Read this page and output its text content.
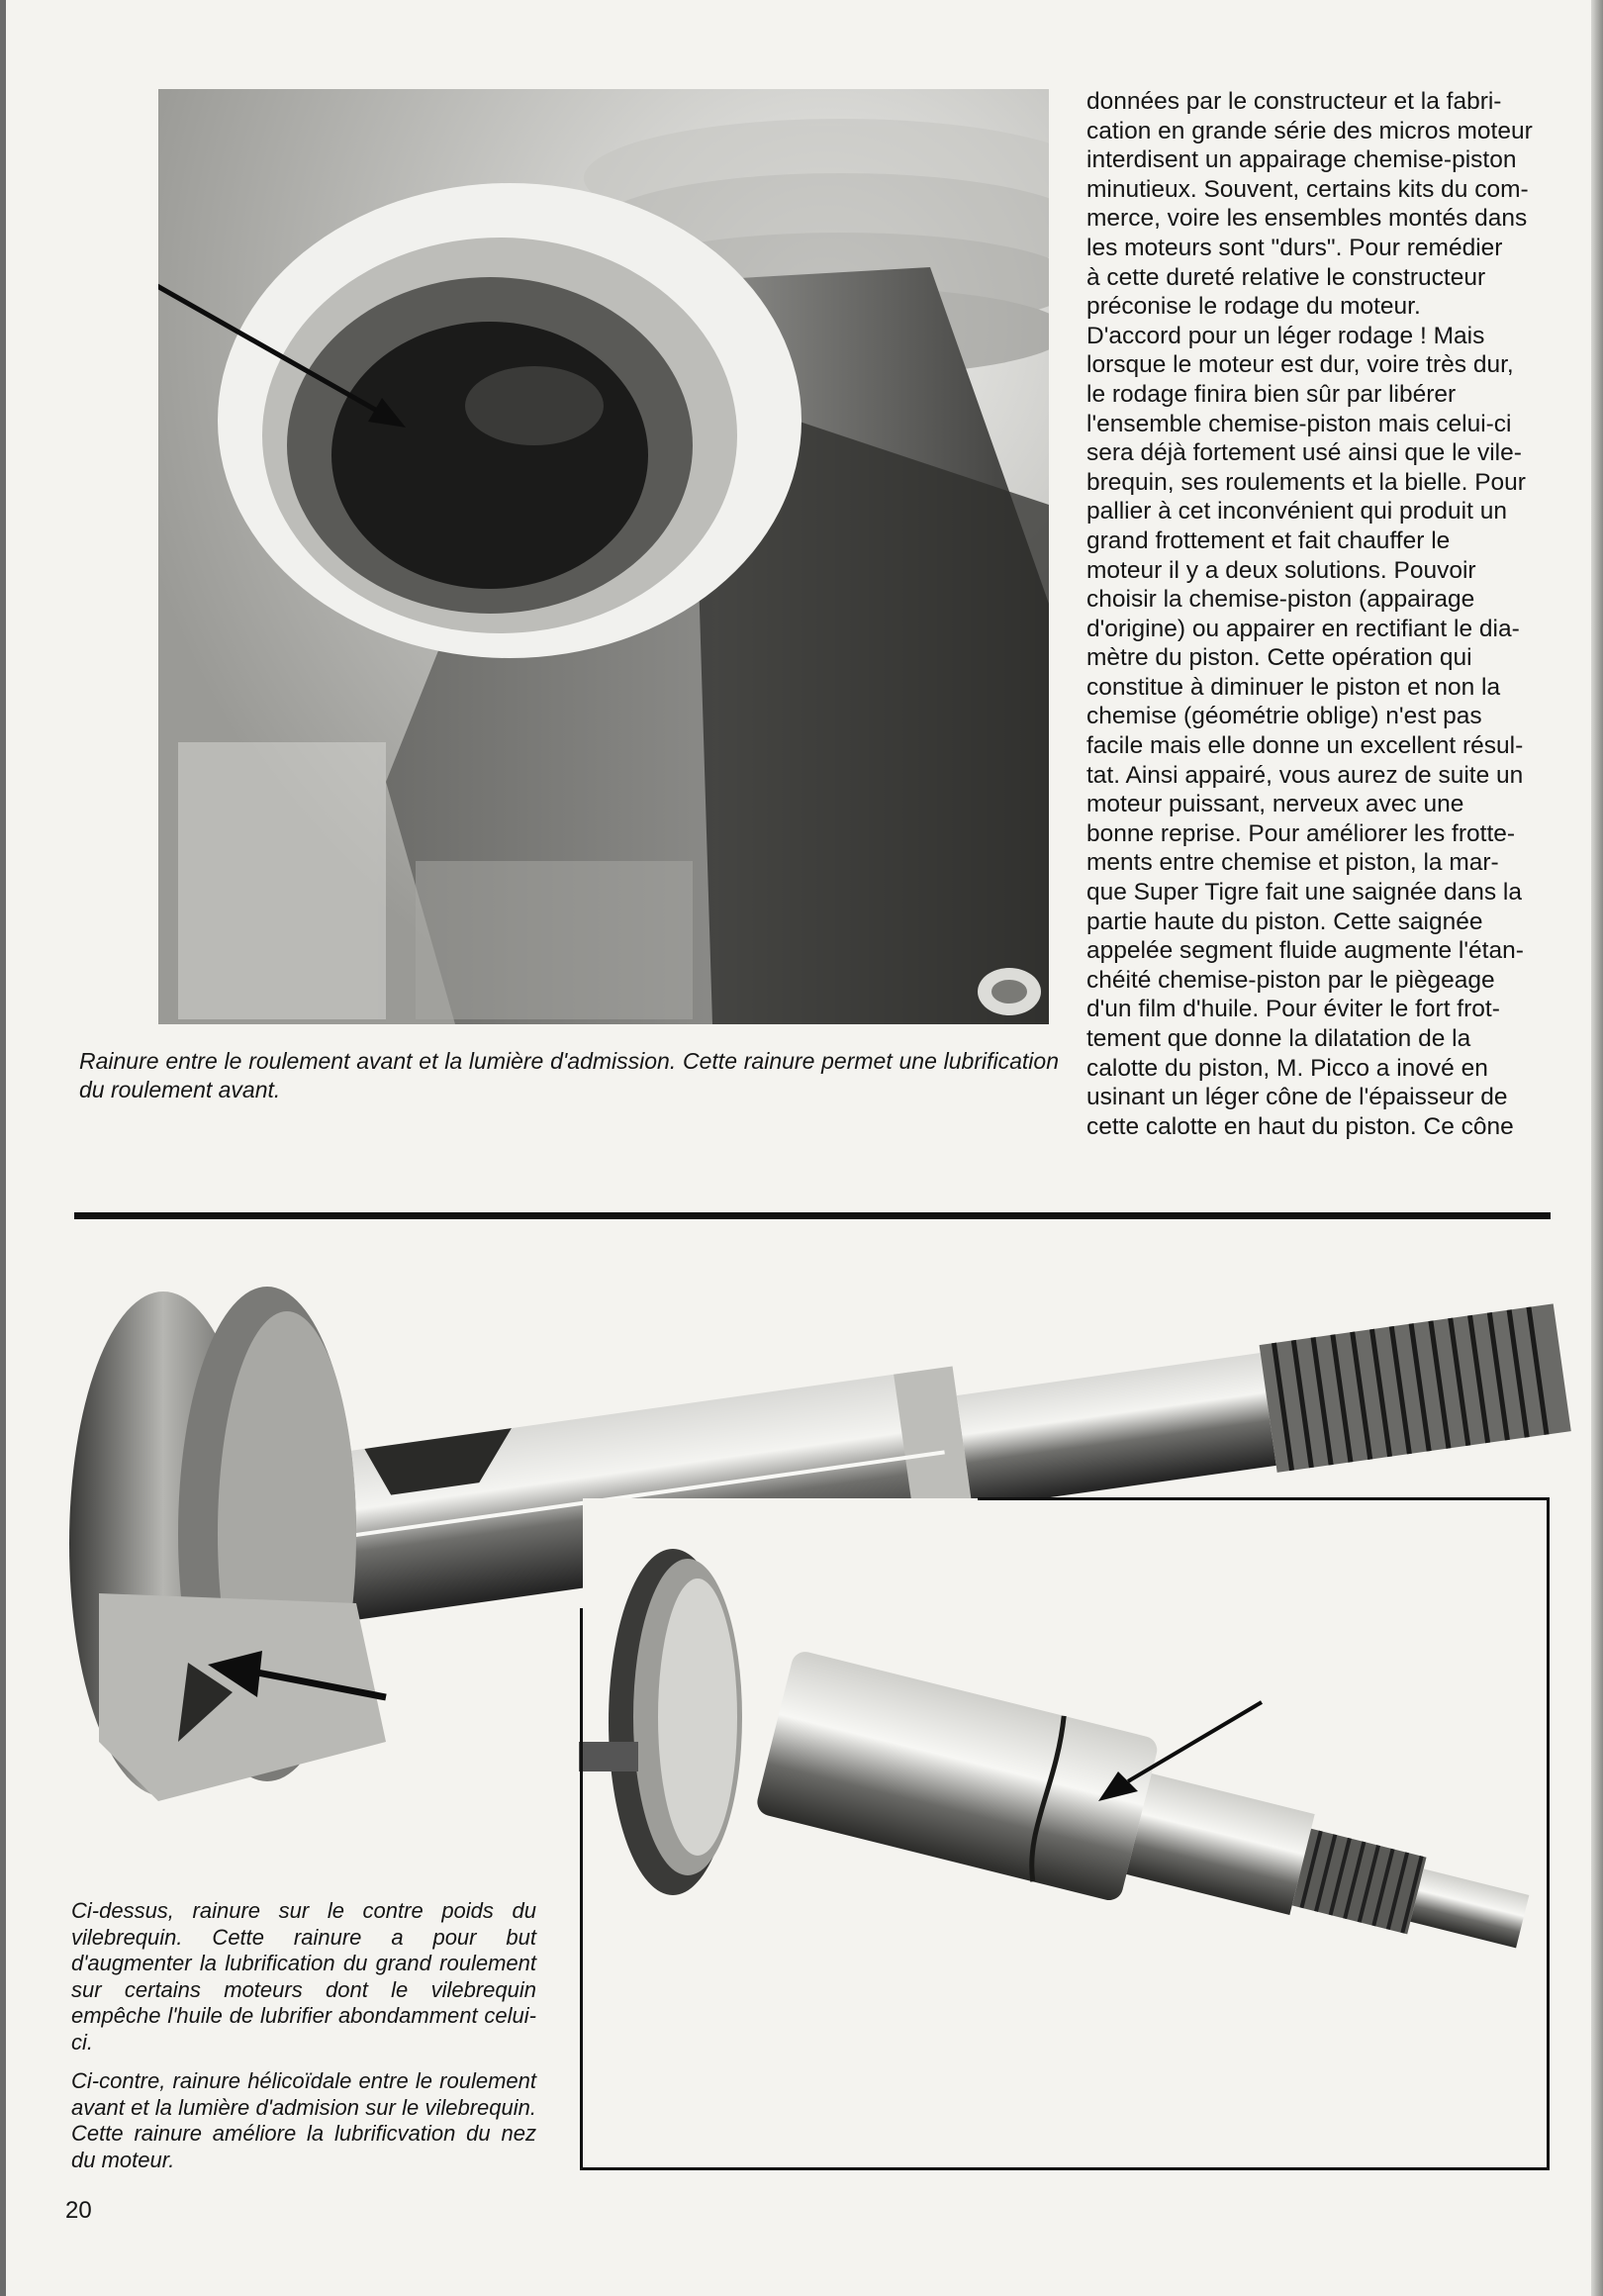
Rainure entre le roulement avant et la lumière d'admission. Cette rainure permet une lubrification du roulement avant.

données par le constructeur et la fabri-

cation en grande série des micros moteur

interdisent un appairage chemise-piston

minutieux. Souvent, certains kits du com-

merce, voire les ensembles montés dans

les moteurs sont "durs". Pour remédier

à cette dureté relative le constructeur

préconise le rodage du moteur.

D'accord pour un léger rodage ! Mais

lorsque le moteur est dur, voire très dur,

le rodage finira bien sûr par libérer

l'ensemble chemise-piston mais celui-ci

sera déjà fortement usé ainsi que le vile-

brequin, ses roulements et la bielle. Pour

pallier à cet inconvénient qui produit un

grand frottement et fait chauffer le

moteur il y a deux solutions. Pouvoir

choisir la chemise-piston (appairage

d'origine) ou appairer en rectifiant le dia-

mètre du piston. Cette opération qui

constitue à diminuer le piston et non la

chemise (géométrie oblige) n'est pas

facile mais elle donne un excellent résul-

tat. Ainsi appairé, vous aurez de suite un

moteur puissant, nerveux avec une

bonne reprise. Pour améliorer les frotte-

ments entre chemise et piston, la mar-

que Super Tigre fait une saignée dans la

partie haute du piston. Cette saignée

appelée segment fluide augmente l'étan-

chéité chemise-piston par le piègeage

d'un film d'huile. Pour éviter le fort frot-

tement que donne la dilatation de la

calotte du piston, M. Picco a inové en

usinant un léger cône de l'épaisseur de

cette calotte en haut du piston. Ce cône

Ci-dessus, rainure sur le contre poids du vilebrequin. Cette rainure a pour but d'augmenter la lubrification du grand roulement sur certains moteurs dont le vilebrequin empêche l'huile de lubrifier abondamment celui-ci.
Ci-contre, rainure hélicoïdale entre le roulement avant et la lumière d'admision sur le vilebrequin. Cette rainure améliore la lubrificvation du nez du moteur.
20
